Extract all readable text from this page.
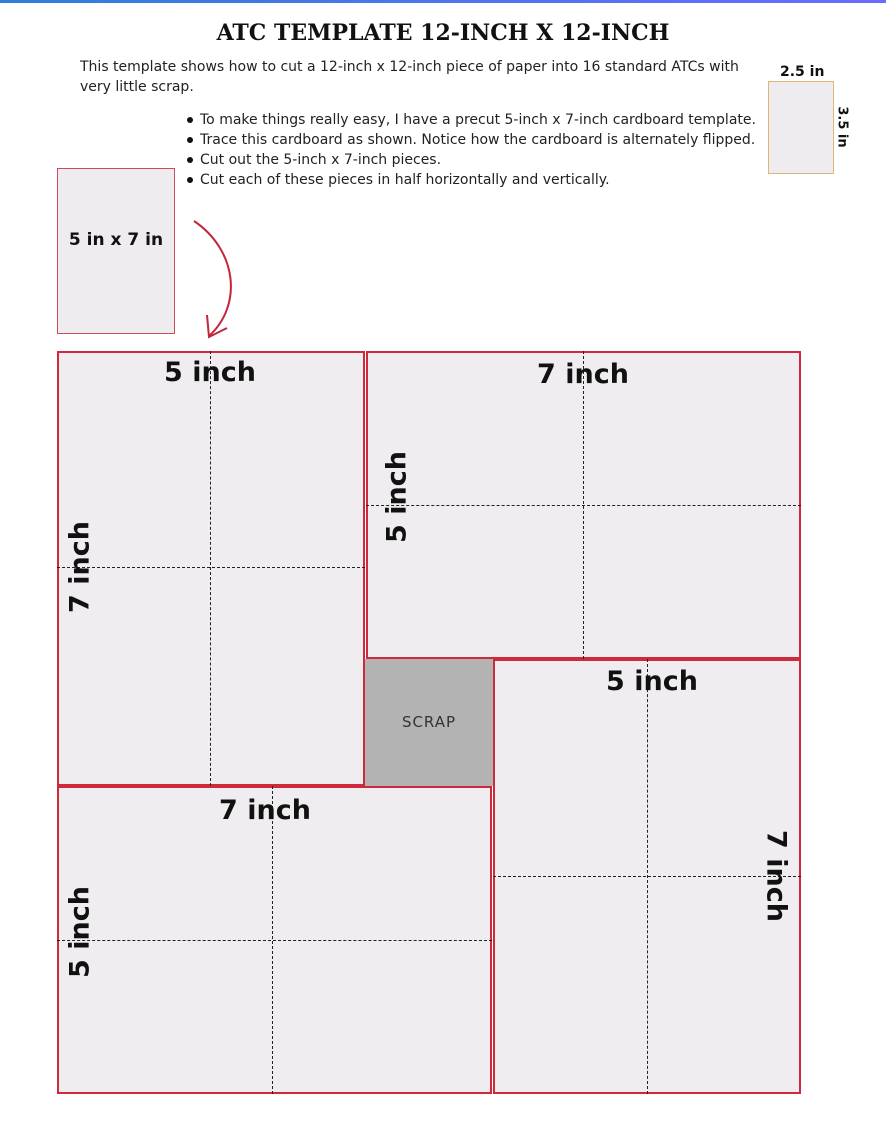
ATC TEMPLATE 12-INCH X 12-INCH
This template shows how to cut a 12-inch x 12-inch piece of paper into 16 standard ATCs with very little scrap.
To make things really easy, I have a precut 5-inch x 7-inch cardboard template.
Trace this cardboard as shown. Notice how the cardboard is alternately flipped.
Cut out the 5-inch x 7-inch pieces.
Cut each of these pieces in half horizontally and vertically.
2.5 in
3.5 in
5 in x 7 in
5 inch
7 inch
7 inch
5 inch
SCRAP
7 inch
5 inch
5 inch
7 inch
